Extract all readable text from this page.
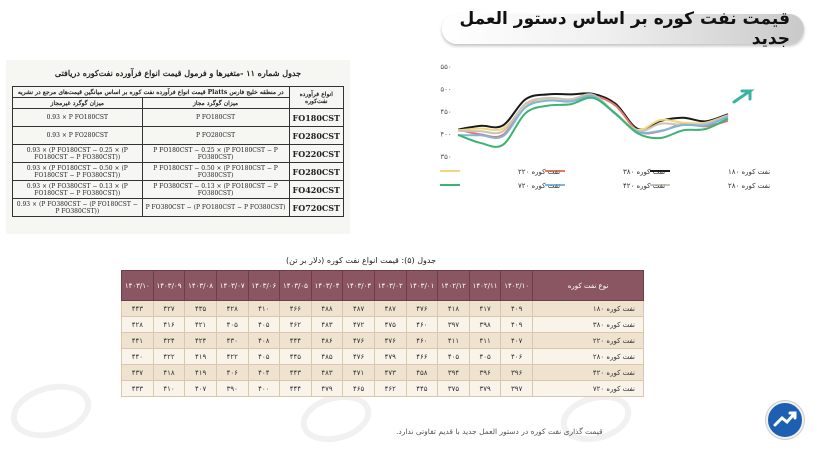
قیمت نفت کوره بر اساس دستور العمل جدید
جدول شماره ۱۱ -متغیرها و فرمول قیمت انواع فرآورده نفت‌کوره دریافتی
قیمت انواع فرآورده نفت کوره بر اساس میانگین قیمت‌های مرجع در نشریه Platts در منطقه خلیج فارس		انواع فرآورده نفت‌کوره
میزان گوگرد غیرمجاز	میزان گوگرد مجاز	
0.93 × P FO180CST	P FO180CST	FO180CST
0.93 × P FO280CST	P FO280CST	FO280CST
0.93 × (P FO180CST − 0.25 × (P FO180CST − P FO380CST))	P FO180CST − 0.25 × (P FO180CST − P FO380CST)	FO220CST
0.93 × (P FO180CST − 0.50 × (P FO180CST − P FO380CST))	P FO180CST − 0.50 × (P FO180CST − P FO380CST)	FO280CST
0.93 × (P FO380CST − 0.13 × (P FO180CST − P FO380CST))	P FO380CST − 0.13 × (P FO180CST − P FO380CST)	FO420CST
0.93 × (P FO380CST − (P FO180CST − P FO380CST))	P FO380CST − (P FO180CST − P FO380CST)	FO720CST
۳۵۰
۴۰۰
۴۵۰
۵۰۰
۵۵۰
نفت کوره ۱۸۰
نفت کوره ۳۸۰
نفت کوره ۲۲۰
نفت کوره ۲۸۰
نفت کوره ۴۲۰
نفت کوره ۷۲۰
جدول (۵): قیمت انواع نفت کوره (دلار بر تن)
نوع نفت کوره	۱۴۰۲/۱۰	۱۴۰۲/۱۱	۱۴۰۲/۱۲	۱۴۰۳/۰۱	۱۴۰۳/۰۲	۱۴۰۳/۰۳	۱۴۰۳/۰۴	۱۴۰۳/۰۵	۱۴۰۳/۰۶	۱۴۰۳/۰۷	۱۴۰۳/۰۸	۱۴۰۳/۰۹	۱۴۰۳/۱۰
نفت کوره ۱۸۰	۴۰۹	۴۱۷	۴۱۸	۴۷۶	۴۸۷	۴۸۷	۴۸۸	۴۶۶	۴۱۰	۴۲۸	۴۳۵	۴۲۷	۴۴۳
نفت کوره ۳۸۰	۴۰۹	۳۹۸	۳۹۷	۴۶۰	۴۷۵	۴۷۲	۴۸۳	۴۶۲	۴۰۵	۴۰۵	۴۲۱	۴۱۶	۴۲۸
نفت کوره ۲۲۰	۴۰۷	۴۱۱	۴۱۱	۴۶۰	۴۷۶	۴۷۶	۴۸۶	۴۴۴	۴۰۸	۴۳۰	۴۲۴	۴۲۴	۴۴۱
نفت کوره ۲۸۰	۴۰۶	۴۰۵	۴۰۵	۴۶۶	۴۷۹	۴۷۶	۴۸۵	۴۴۵	۴۰۵	۴۲۲	۴۱۹	۴۲۲	۴۴۰
نفت کوره ۴۲۰	۳۹۶	۳۹۶	۳۹۴	۴۵۸	۴۷۳	۴۷۱	۴۸۳	۴۴۳	۴۰۴	۴۰۶	۴۱۹	۴۱۸	۴۳۷
نفت کوره ۷۲۰	۳۹۷	۳۷۹	۳۷۵	۴۴۵	۴۶۲	۴۶۵	۴۷۹	۴۴۴	۴۰۰	۳۹۰	۴۰۷	۴۱۰	۴۳۳
قیمت گذاری نفت کوره در دستور العمل جدید با قدیم تفاوتی ندارد.
